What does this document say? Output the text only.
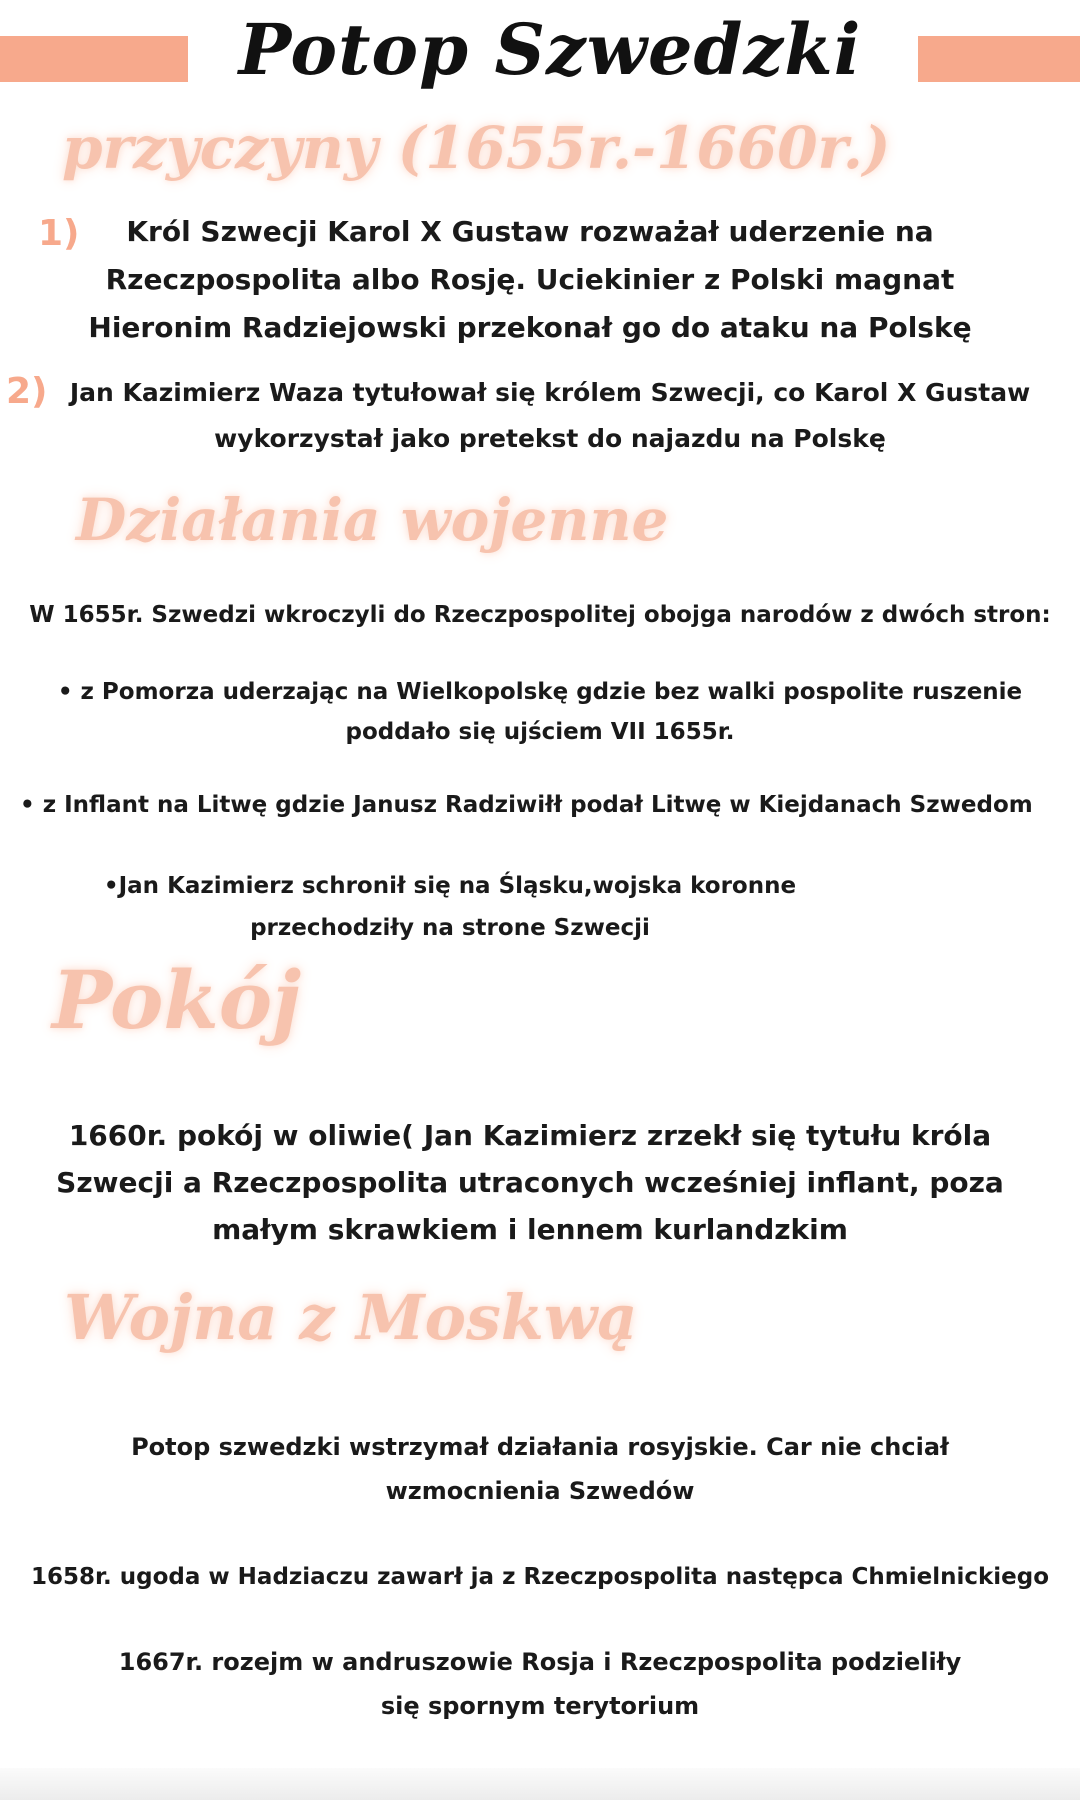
Potop Szwedzki
przyczyny (1655r.-1660r.)
1)	Król Szwecji Karol X Gustaw rozważał uderzenie na
Rzeczpospolita albo Rosję. Uciekinier z Polski magnat
Hieronim Radziejowski przekonał go do ataku na Polskę
2) Jan Kazimierz Waza tytułował się królem Szwecji, co Karol X Gustaw
wykorzystał jako pretekst do najazdu na Polskę
Działania wojenne
W 1655r. Szwedzi wkroczyli do Rzeczpospolitej obojga narodów z dwóch stron:
• z Pomorza uderzając na Wielkopolskę gdzie bez walki pospolite ruszenie
poddało się ujściem VII 1655r.
• z Inflant na Litwę gdzie Janusz Radziwiłł podał Litwę w Kiejdanach Szwedom
•Jan Kazimierz schronił się na Śląsku,wojska koronne
przechodziły na strone Szwecji
Pokój
1660r. pokój w oliwie( Jan Kazimierz zrzekł się tytułu króla
Szwecji a Rzeczpospolita utraconych wcześniej inflant, poza
małym skrawkiem i lennem kurlandzkim
Wojna z Moskwą
Potop szwedzki wstrzymał działania rosyjskie. Car nie chciał
wzmocnienia Szwedów
1658r. ugoda w Hadziaczu zawarł ja z Rzeczpospolita następca Chmielnickiego
1667r. rozejm w andruszowie Rosja i Rzeczpospolita podzieliły
się spornym terytorium
